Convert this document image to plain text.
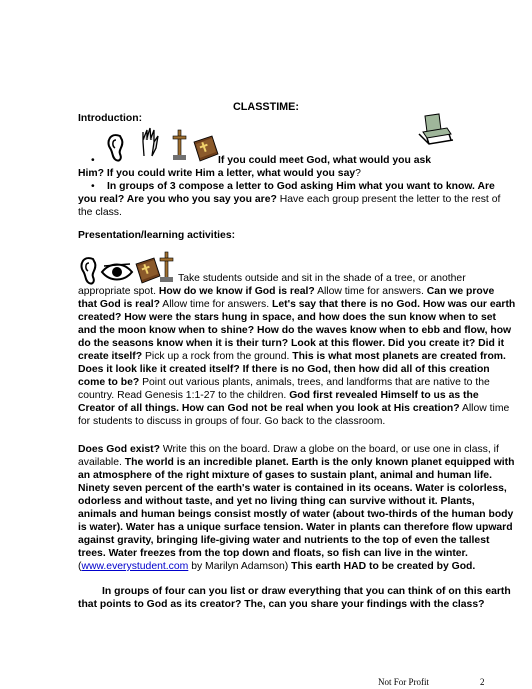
CLASSTIME:
Introduction:
•	If you could meet God, what would you ask
Him? If you could write Him a letter, what would you say?
• In groups of 3 compose a letter to God asking Him what you want to know. Are you real? Are you who you say you are? Have each group present the letter to the rest of the class.
Presentation/learning activities:
Take students outside and sit in the shade of a tree, or another appropriate spot. How do we know if God is real? Allow time for answers. Can we prove that God is real? Allow time for answers. Let's say that there is no God. How was our earth created? How were the stars hung in space, and how does the sun know when to set and the moon know when to shine? How do the waves know when to ebb and flow, how do the seasons know when it is their turn? Look at this flower. Did you create it? Did it create itself? Pick up a rock from the ground. This is what most planets are created from. Does it look like it created itself? If there is no God, then how did all of this creation come to be? Point out various plants, animals, trees, and landforms that are native to the country. Read Genesis 1:1-27 to the children. God first revealed Himself to us as the Creator of all things. How can God not be real when you look at His creation? Allow time for students to discuss in groups of four. Go back to the classroom.
Does God exist? Write this on the board. Draw a globe on the board, or use one in class, if available. The world is an incredible planet. Earth is the only known planet equipped with an atmosphere of the right mixture of gases to sustain plant, animal and human life. Ninety seven percent of the earth's water is contained in its oceans. Water is colorless, odorless and without taste, and yet no living thing can survive without it. Plants, animals and human beings consist mostly of water (about two-thirds of the human body is water). Water has a unique surface tension. Water in plants can therefore flow upward against gravity, bringing life-giving water and nutrients to the top of even the tallest trees. Water freezes from the top down and floats, so fish can live in the winter. (www.everystudent.com by Marilyn Adamson) This earth HAD to be created by God.
In groups of four can you list or draw everything that you can think of on this earth that points to God as its creator? The, can you share your findings with the class?
Not For Profit	2
